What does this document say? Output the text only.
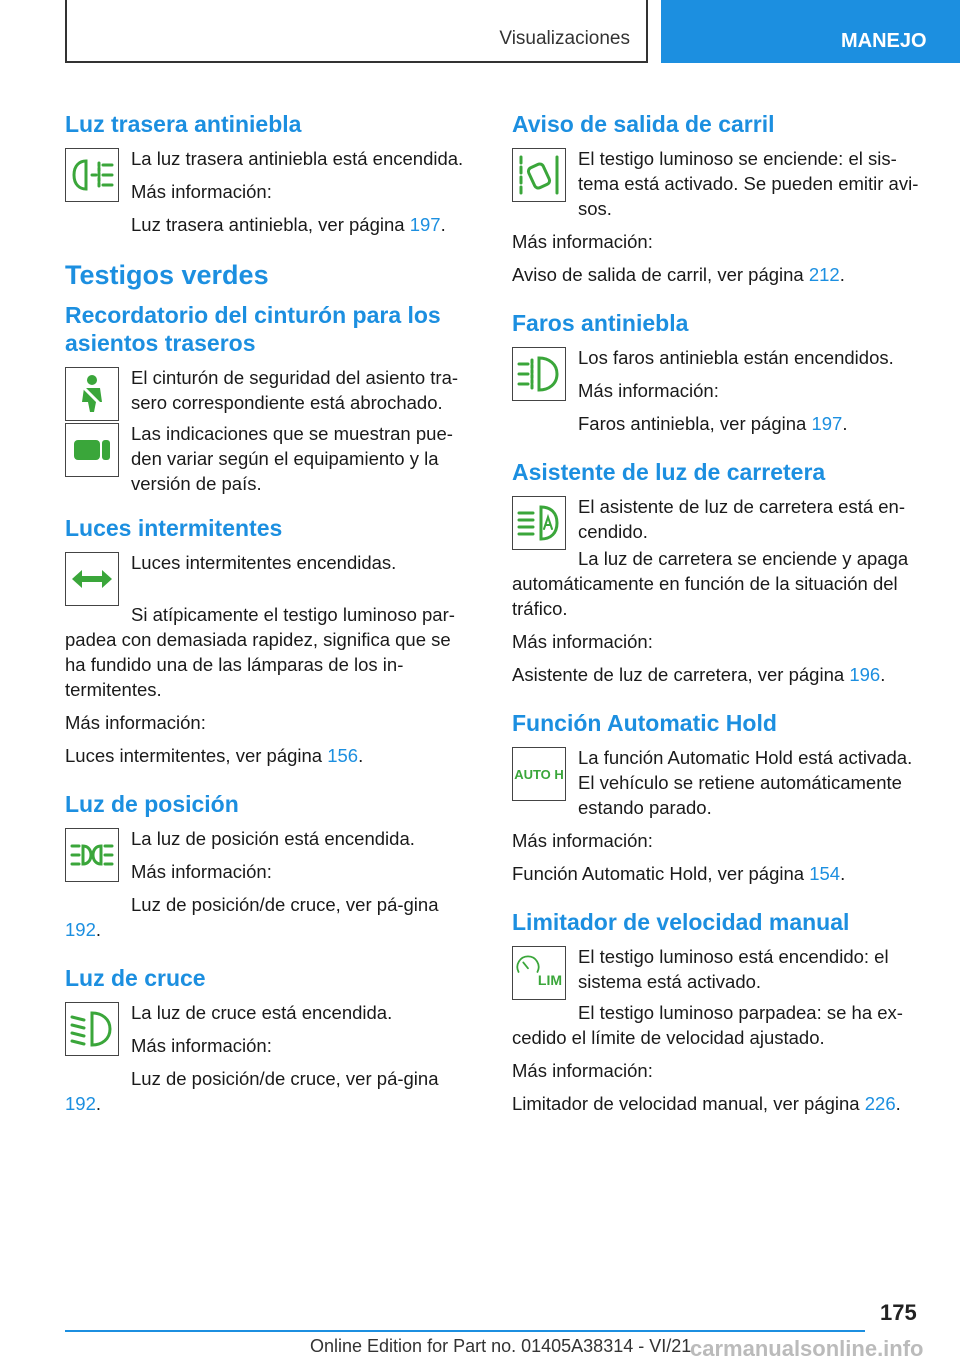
Visualizaciones	MANEJO
Luz trasera antiniebla

La luz trasera antiniebla está encendida.

Más información:

Luz trasera antiniebla, ver página 197.

Testigos verdes
Recordatorio del cinturón para los asientos traseros

El cinturón de seguridad del asiento tra-sero correspondiente está abrochado.

Las indicaciones que se muestran pue-den variar según el equipamiento y la versión de país.

Luces intermitentes

Luces intermitentes encendidas.

Si atípicamente el testigo luminoso par-padea con demasiada rapidez, significa que se ha fundido una de las lámparas de los in-termitentes.

Más información:

Luces intermitentes, ver página 156.

Luz de posición

La luz de posición está encendida.

Más información:

Luz de posición/de cruce, ver pá-gina 192.

Luz de cruce

La luz de cruce está encendida.

Más información:

Luz de posición/de cruce, ver pá-gina 192.

Aviso de salida de carril

El testigo luminoso se enciende: el sis-tema está activado. Se pueden emitir avi-sos.

Más información:

Aviso de salida de carril, ver página 212.

Faros antiniebla

Los faros antiniebla están encendidos.

Más información:

Faros antiniebla, ver página 197.

Asistente de luz de carretera

El asistente de luz de carretera está en-cendido.

La luz de carretera se enciende y apaga automáticamente en función de la situación del tráfico.

Más información:

Asistente de luz de carretera, ver página 196.

Función Automatic Hold
AUTO H

La función Automatic Hold está activada. El vehículo se retiene automáticamente estando parado.

Más información:

Función Automatic Hold, ver página 154.

Limitador de velocidad manual
LIM

El testigo luminoso está encendido: el sistema está activado.

El testigo luminoso parpadea: se ha ex-cedido el límite de velocidad ajustado.

Más información:

Limitador de velocidad manual, ver página 226.

175
Online Edition for Part no. 01405A38314 - VI/21
carmanualsonline.info
